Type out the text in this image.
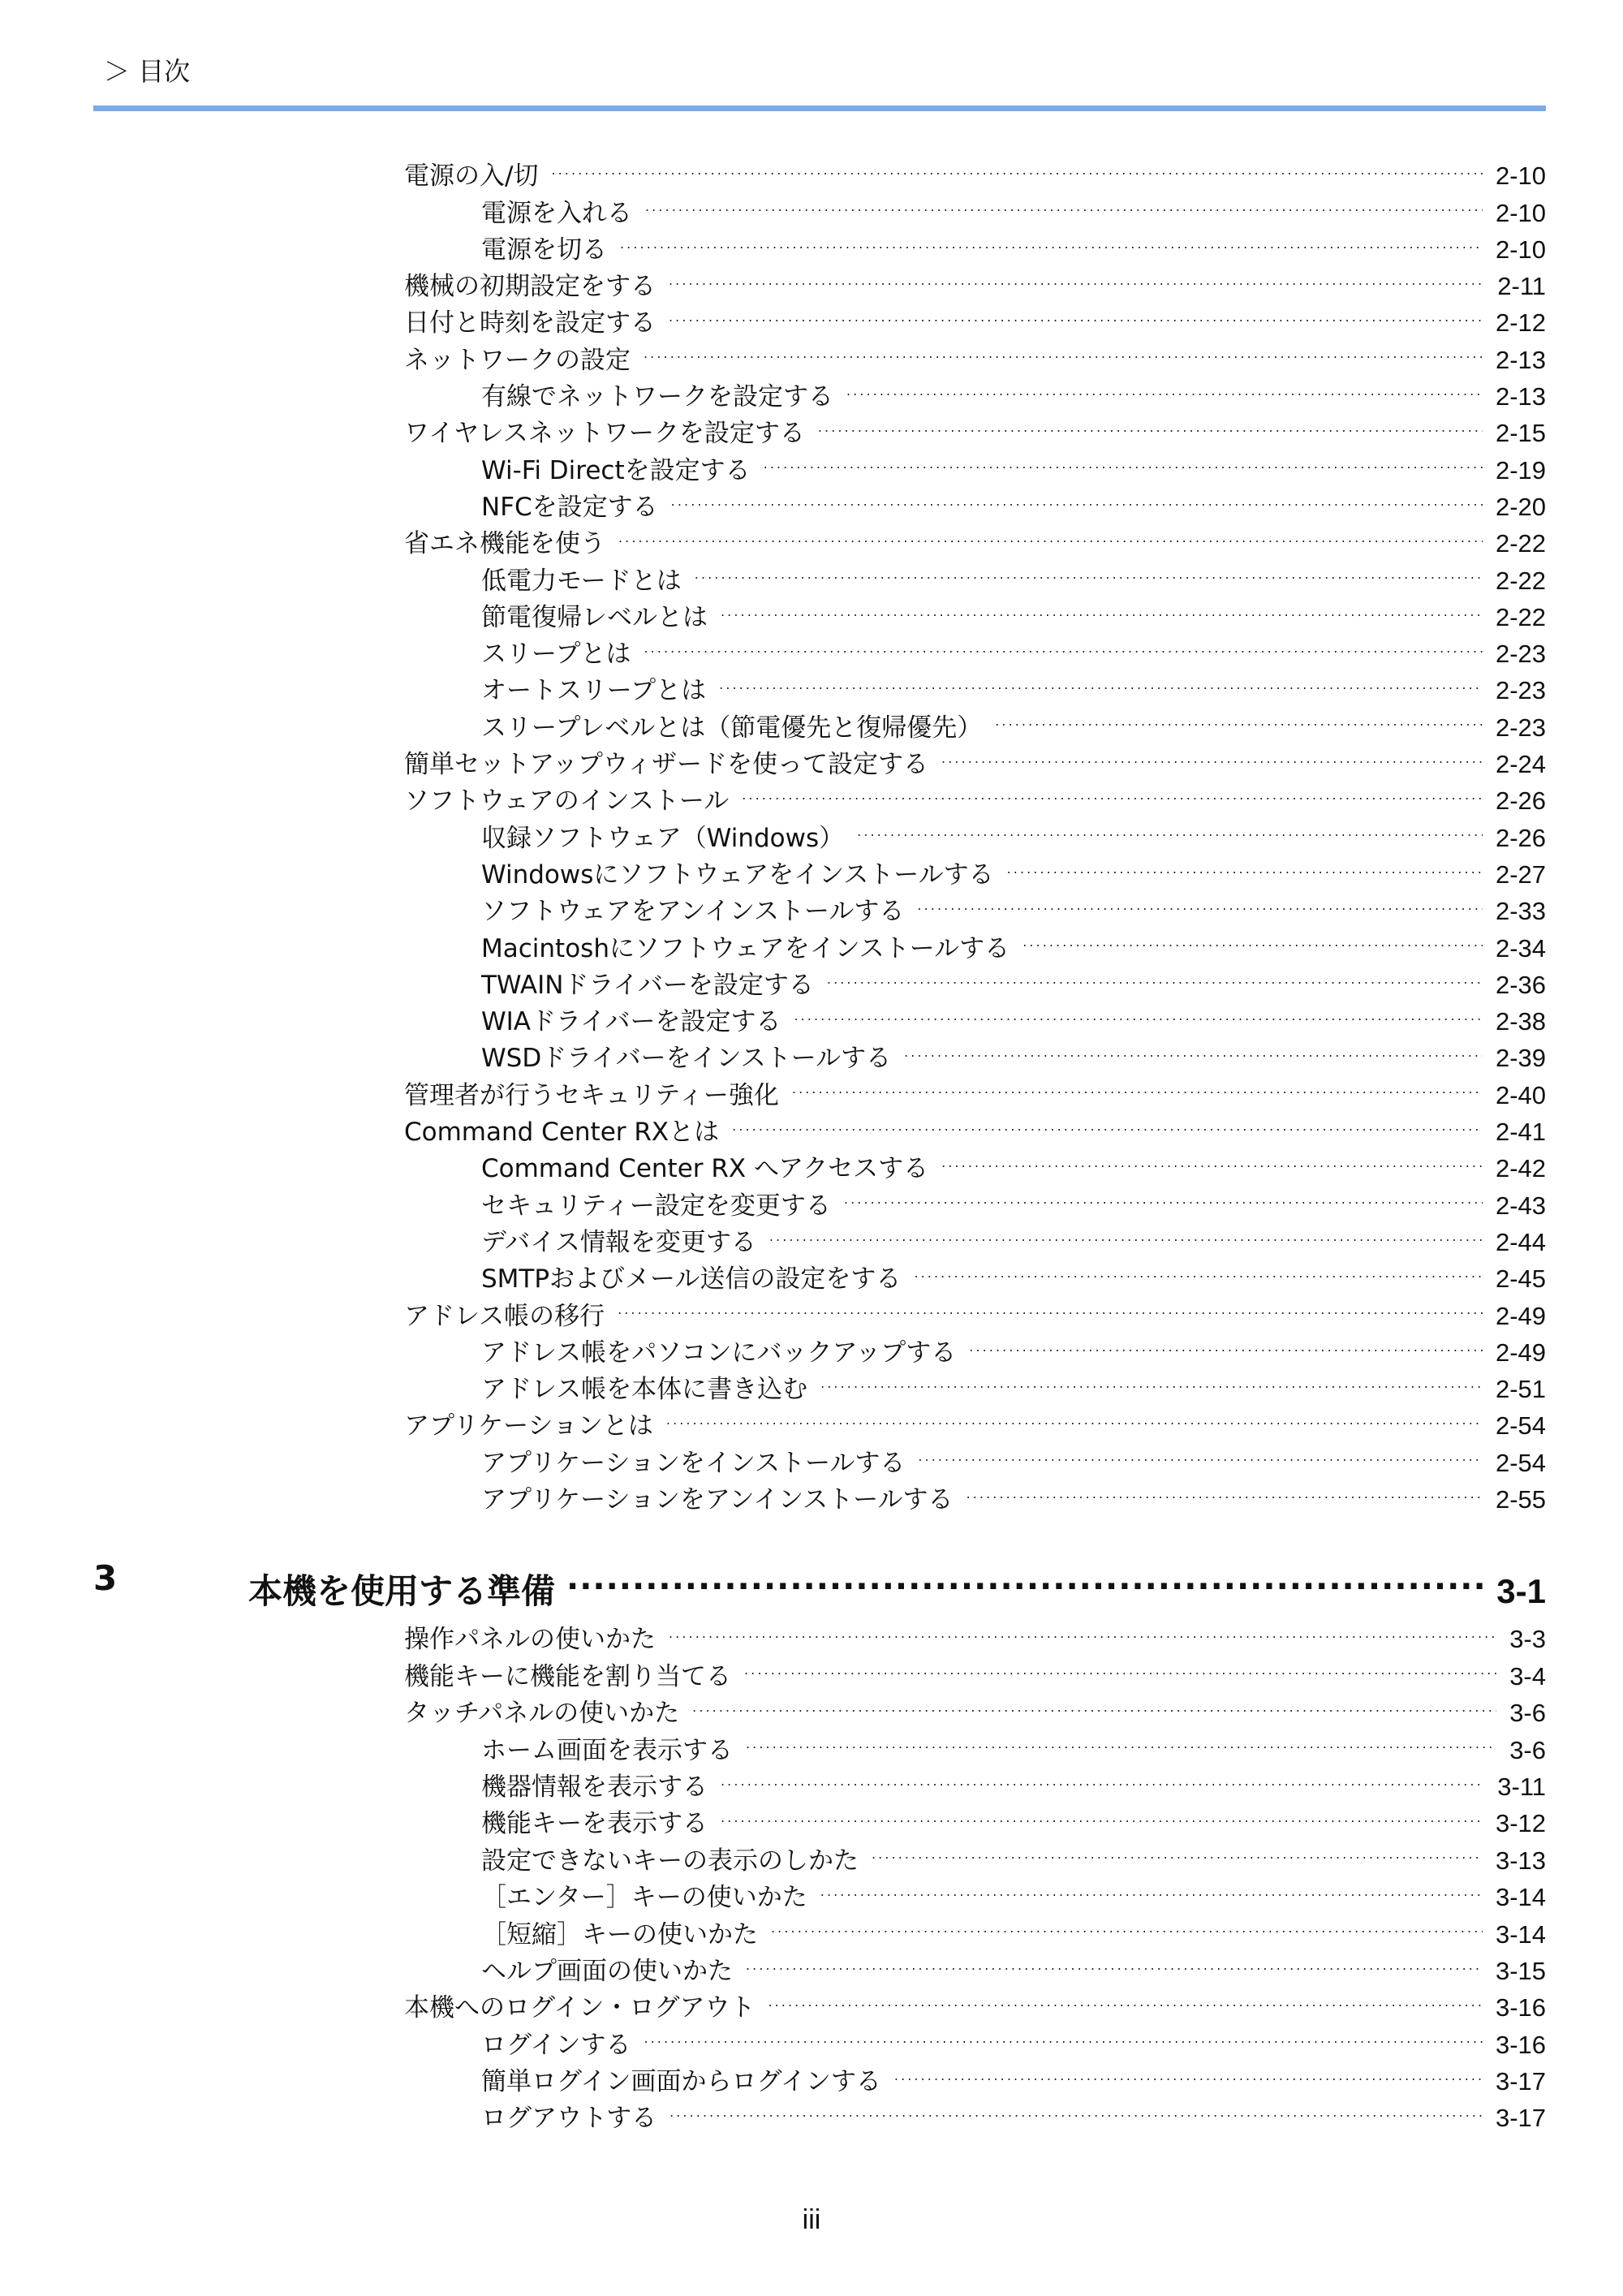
＞ 目次
電源の入/切 . . .	2-10
電源を入れる . . .	2-10
電源を切る . . .	2-10
機械の初期設定をする . . .	2-11
日付と時刻を設定する . . .	2-12
ネットワークの設定 . . .	2-13
有線でネットワークを設定する . . .	2-13
ワイヤレスネットワークを設定する . . .	2-15
Wi-Fi Directを設定する . . .	2-19
NFCを設定する . . .	2-20
省エネ機能を使う . . .	2-22
低電力モードとは . . .	2-22
節電復帰レベルとは . . .	2-22
スリープとは . . .	2-23
オートスリープとは . . .	2-23
スリープレベルとは（節電優先と復帰優先） . . .	2-23
簡単セットアップウィザードを使って設定する . . .	2-24
ソフトウェアのインストール . . .	2-26
収録ソフトウェア（Windows） . . .	2-26
Windowsにソフトウェアをインストールする . . .	2-27
ソフトウェアをアンインストールする . . .	2-33
Macintoshにソフトウェアをインストールする . . .	2-34
TWAINドライバーを設定する . . .	2-36
WIAドライバーを設定する . . .	2-38
WSDドライバーをインストールする . . .	2-39
管理者が行うセキュリティー強化 . . .	2-40
Command Center RXとは . . .	2-41
Command Center RX へアクセスする . . .	2-42
セキュリティー設定を変更する . . .	2-43
デバイス情報を変更する . . .	2-44
SMTPおよびメール送信の設定をする . . .	2-45
アドレス帳の移行 . . .	2-49
アドレス帳をパソコンにバックアップする . . .	2-49
アドレス帳を本体に書き込む . . .	2-51
アプリケーションとは . . .	2-54
アプリケーションをインストールする . . .	2-54
アプリケーションをアンインストールする . . .	2-55
3	本機を使用する準備 .....	3-1
操作パネルの使いかた . . .	3-3
機能キーに機能を割り当てる . . .	3-4
タッチパネルの使いかた . . .	3-6
ホーム画面を表示する . . .	3-6
機器情報を表示する . . .	3-11
機能キーを表示する . . .	3-12
設定できないキーの表示のしかた . . .	3-13
［エンター］キーの使いかた . . .	3-14
［短縮］キーの使いかた . . .	3-14
ヘルプ画面の使いかた . . .	3-15
本機へのログイン・ログアウト . . .	3-16
ログインする . . .	3-16
簡単ログイン画面からログインする . . .	3-17
ログアウトする . . .	3-17
iii
